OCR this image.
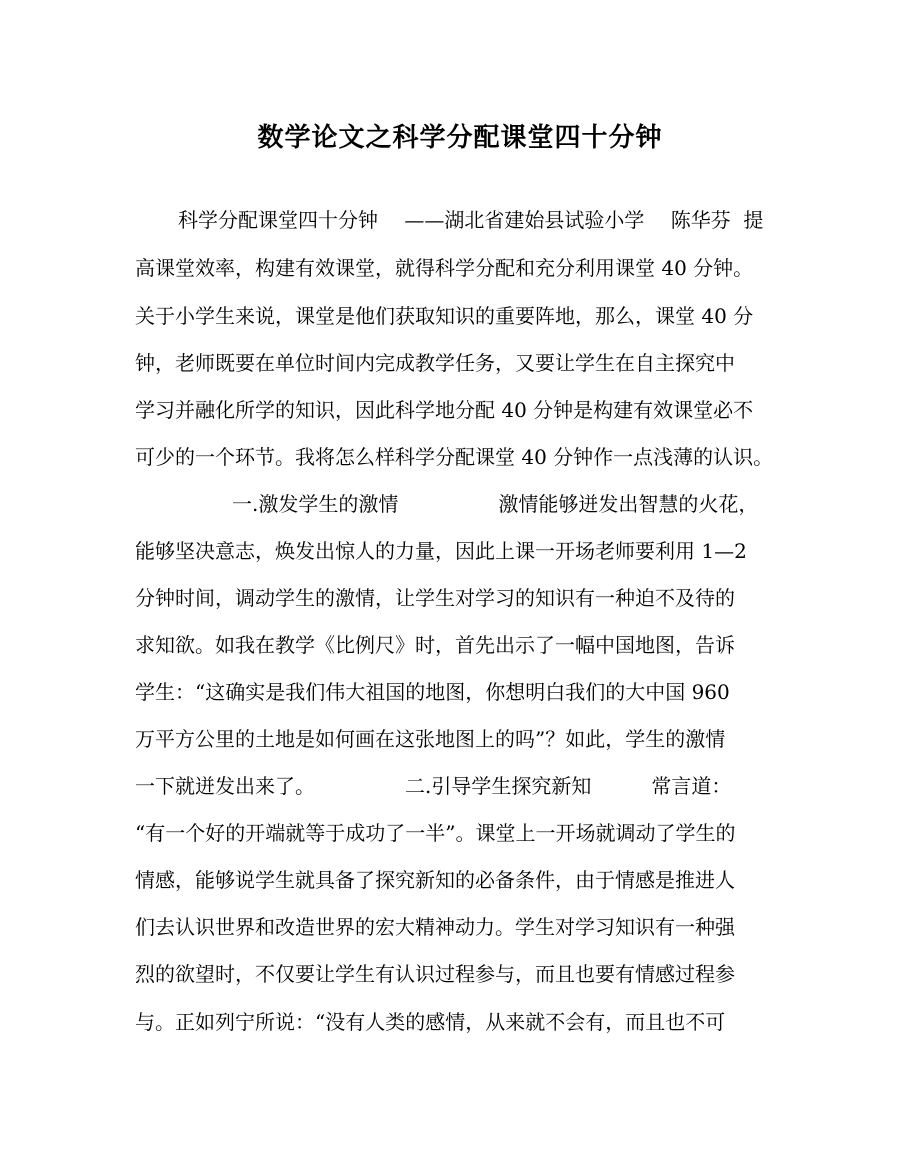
数学论文之科学分配课堂四十分钟
科学分配课堂四十分钟　 ——湖北省建始县试验小学　 陈华芬  提
高课堂效率，构建有效课堂，就得科学分配和充分利用课堂 40 分钟。
关于小学生来说，课堂是他们获取知识的重要阵地，那么，课堂 40 分
钟，老师既要在单位时间内完成教学任务，又要让学生在自主探究中
学习并融化所学的知识，因此科学地分配 40 分钟是构建有效课堂必不
可少的一个环节。我将怎么样科学分配课堂 40 分钟作一点浅薄的认识。
一.激发学生的激情　　　　　激情能够迸发出智慧的火花，
能够坚决意志，焕发出惊人的力量，因此上课一开场老师要利用 1—2
分钟时间，调动学生的激情，让学生对学习的知识有一种迫不及待的
求知欲。如我在教学《比例尺》时，首先出示了一幅中国地图，告诉
学生：“这确实是我们伟大祖国的地图，你想明白我们的大中国 960
万平方公里的土地是如何画在这张地图上的吗”？如此，学生的激情
一下就迸发出来了。　　　　　二.引导学生探究新知　　　常言道：
“有一个好的开端就等于成功了一半”。课堂上一开场就调动了学生的
情感，能够说学生就具备了探究新知的必备条件，由于情感是推进人
们去认识世界和改造世界的宏大精神动力。学生对学习知识有一种强
烈的欲望时，不仅要让学生有认识过程参与，而且也要有情感过程参
与。正如列宁所说：“没有人类的感情，从来就不会有，而且也不可
